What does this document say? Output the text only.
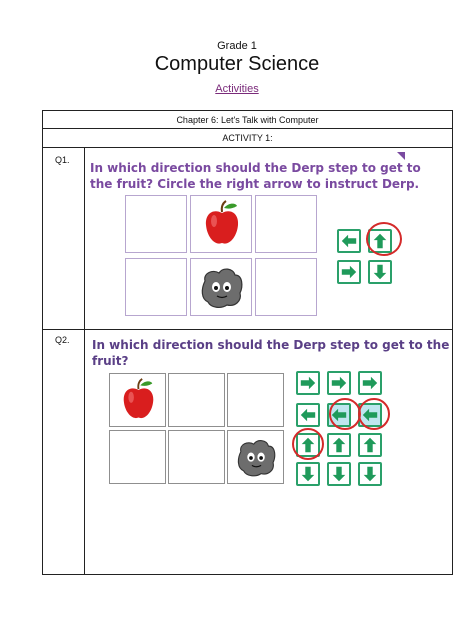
Grade 1
Computer Science
Activities
Chapter 6: Let's Talk with Computer
ACTIVITY 1:
Q1.
Q2.
In which direction should the Derp step to get to
the fruit? Circle the right arrow to instruct Derp.
In which direction should the Derp step to get to the
fruit?
